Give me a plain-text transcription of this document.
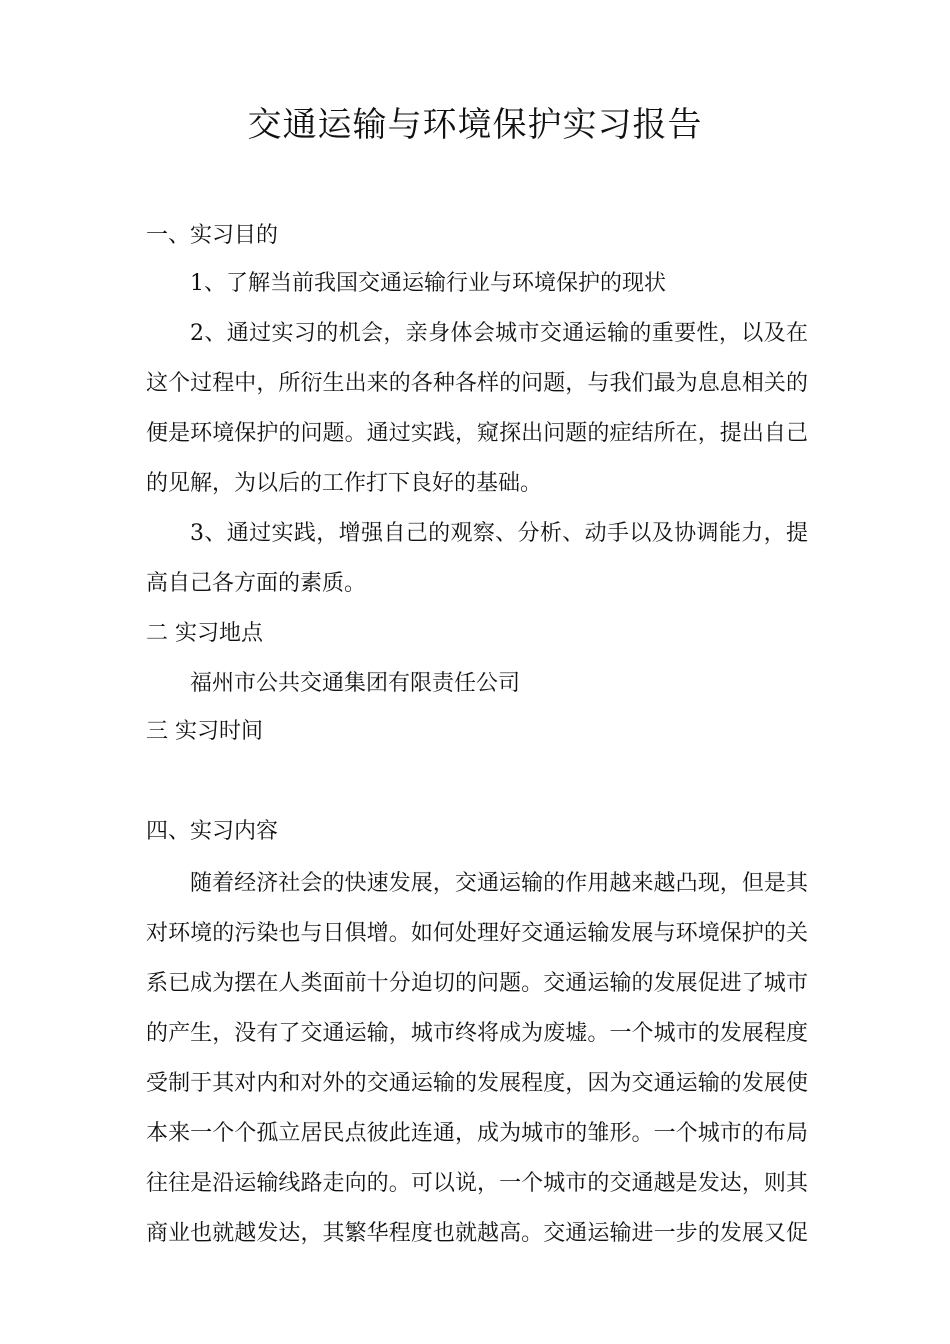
交通运输与环境保护实习报告

一、实习目的

1、了解当前我国交通运输行业与环境保护的现状

2、通过实习的机会，亲身体会城市交通运输的重要性，以及在

这个过程中，所衍生出来的各种各样的问题，与我们最为息息相关的

便是环境保护的问题。通过实践，窥探出问题的症结所在，提出自己

的见解，为以后的工作打下良好的基础。

3、通过实践，增强自己的观察、分析、动手以及协调能力，提

高自己各方面的素质。

二 实习地点

福州市公共交通集团有限责任公司

三 实习时间

四、实习内容

随着经济社会的快速发展，交通运输的作用越来越凸现，但是其

对环境的污染也与日俱增。如何处理好交通运输发展与环境保护的关

系已成为摆在人类面前十分迫切的问题。交通运输的发展促进了城市

的产生，没有了交通运输，城市终将成为废墟。一个城市的发展程度

受制于其对内和对外的交通运输的发展程度，因为交通运输的发展使

本来一个个孤立居民点彼此连通，成为城市的雏形。一个城市的布局

往往是沿运输线路走向的。可以说，一个城市的交通越是发达，则其

商业也就越发达，其繁华程度也就越高。交通运输进一步的发展又促
